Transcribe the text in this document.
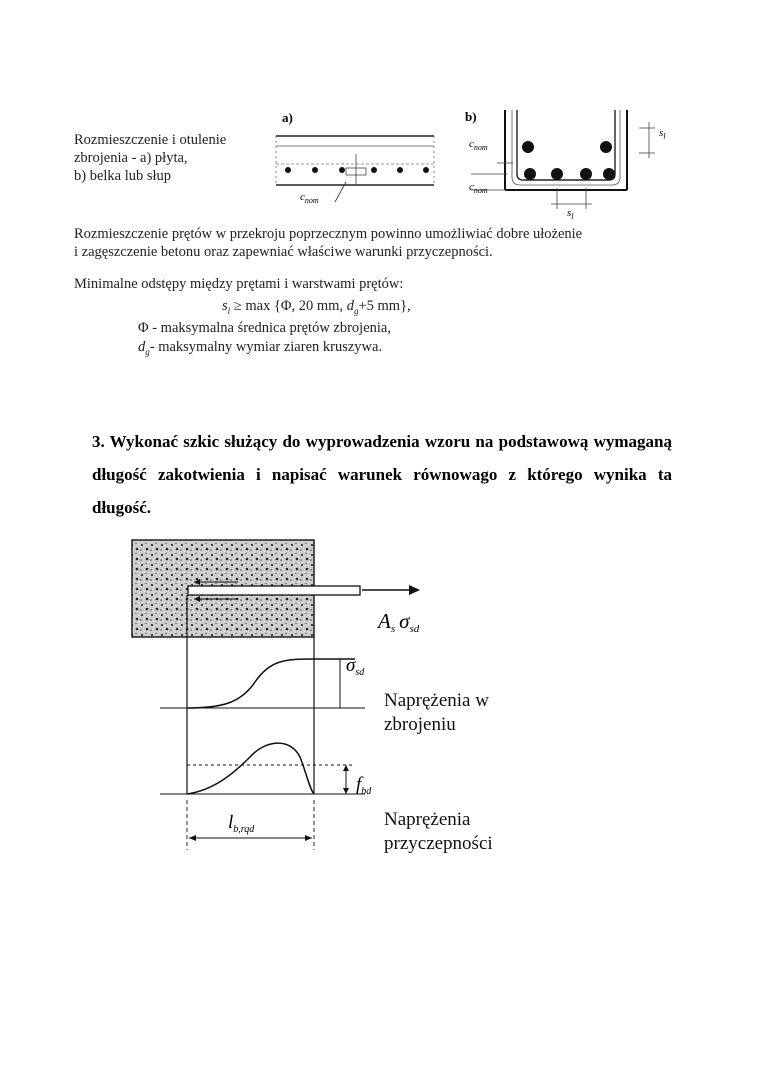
Rozmieszczenie i otulenie
zbrojenia - a) płyta,
b) belka lub słup
a)
$c_{nom}$
b)
$s_l$
$c_{nom}$
$c_{nom}$
$s_l$
Rozmieszczenie prętów w przekroju poprzecznym powinno umożliwiać dobre ułożenie
i zagęszczenie betonu oraz zapewniać właściwe warunki przyczepności.
Minimalne odstępy między prętami i warstwami prętów:
$s_l \ge \max \{\Phi$, 20 mm, $d_g+5$ mm},
Φ - maksymalna średnica prętów zbrojenia,
$d_g-$ maksymalny wymiar ziaren kruszywa.
3. Wykonać szkic służący do wyprowadzenia wzoru na podstawową wymaganą długość zakotwienia i napisać warunek równowago z którego wynika ta długość.
As σsd
$\sigma_{sd}$
$f_{bd}$
$l_{b,rqd}$
Naprężenia w
zbrojeniu
Naprężenia
przyczepności
